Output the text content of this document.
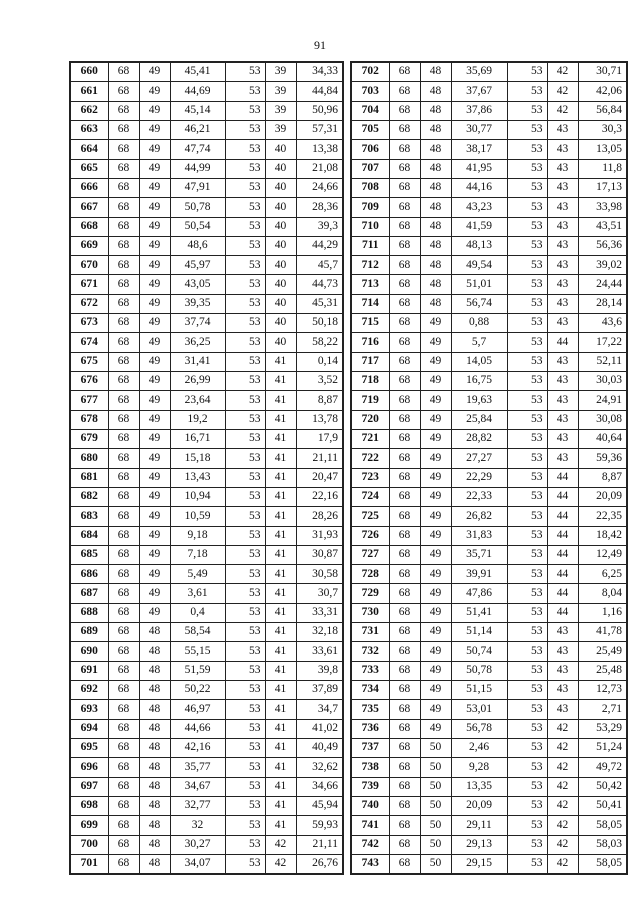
91
660	68	49	45,41	53	39	34,33
661	68	49	44,69	53	39	44,84
662	68	49	45,14	53	39	50,96
663	68	49	46,21	53	39	57,31
664	68	49	47,74	53	40	13,38
665	68	49	44,99	53	40	21,08
666	68	49	47,91	53	40	24,66
667	68	49	50,78	53	40	28,36
668	68	49	50,54	53	40	39,3
669	68	49	48,6	53	40	44,29
670	68	49	45,97	53	40	45,7
671	68	49	43,05	53	40	44,73
672	68	49	39,35	53	40	45,31
673	68	49	37,74	53	40	50,18
674	68	49	36,25	53	40	58,22
675	68	49	31,41	53	41	0,14
676	68	49	26,99	53	41	3,52
677	68	49	23,64	53	41	8,87
678	68	49	19,2	53	41	13,78
679	68	49	16,71	53	41	17,9
680	68	49	15,18	53	41	21,11
681	68	49	13,43	53	41	20,47
682	68	49	10,94	53	41	22,16
683	68	49	10,59	53	41	28,26
684	68	49	9,18	53	41	31,93
685	68	49	7,18	53	41	30,87
686	68	49	5,49	53	41	30,58
687	68	49	3,61	53	41	30,7
688	68	49	0,4	53	41	33,31
689	68	48	58,54	53	41	32,18
690	68	48	55,15	53	41	33,61
691	68	48	51,59	53	41	39,8
692	68	48	50,22	53	41	37,89
693	68	48	46,97	53	41	34,7
694	68	48	44,66	53	41	41,02
695	68	48	42,16	53	41	40,49
696	68	48	35,77	53	41	32,62
697	68	48	34,67	53	41	34,66
698	68	48	32,77	53	41	45,94
699	68	48	32	53	41	59,93
700	68	48	30,27	53	42	21,11
701	68	48	34,07	53	42	26,76
702	68	48	35,69	53	42	30,71
703	68	48	37,67	53	42	42,06
704	68	48	37,86	53	42	56,84
705	68	48	30,77	53	43	30,3
706	68	48	38,17	53	43	13,05
707	68	48	41,95	53	43	11,8
708	68	48	44,16	53	43	17,13
709	68	48	43,23	53	43	33,98
710	68	48	41,59	53	43	43,51
711	68	48	48,13	53	43	56,36
712	68	48	49,54	53	43	39,02
713	68	48	51,01	53	43	24,44
714	68	48	56,74	53	43	28,14
715	68	49	0,88	53	43	43,6
716	68	49	5,7	53	44	17,22
717	68	49	14,05	53	43	52,11
718	68	49	16,75	53	43	30,03
719	68	49	19,63	53	43	24,91
720	68	49	25,84	53	43	30,08
721	68	49	28,82	53	43	40,64
722	68	49	27,27	53	43	59,36
723	68	49	22,29	53	44	8,87
724	68	49	22,33	53	44	20,09
725	68	49	26,82	53	44	22,35
726	68	49	31,83	53	44	18,42
727	68	49	35,71	53	44	12,49
728	68	49	39,91	53	44	6,25
729	68	49	47,86	53	44	8,04
730	68	49	51,41	53	44	1,16
731	68	49	51,14	53	43	41,78
732	68	49	50,74	53	43	25,49
733	68	49	50,78	53	43	25,48
734	68	49	51,15	53	43	12,73
735	68	49	53,01	53	43	2,71
736	68	49	56,78	53	42	53,29
737	68	50	2,46	53	42	51,24
738	68	50	9,28	53	42	49,72
739	68	50	13,35	53	42	50,42
740	68	50	20,09	53	42	50,41
741	68	50	29,11	53	42	58,05
742	68	50	29,13	53	42	58,03
743	68	50	29,15	53	42	58,05
